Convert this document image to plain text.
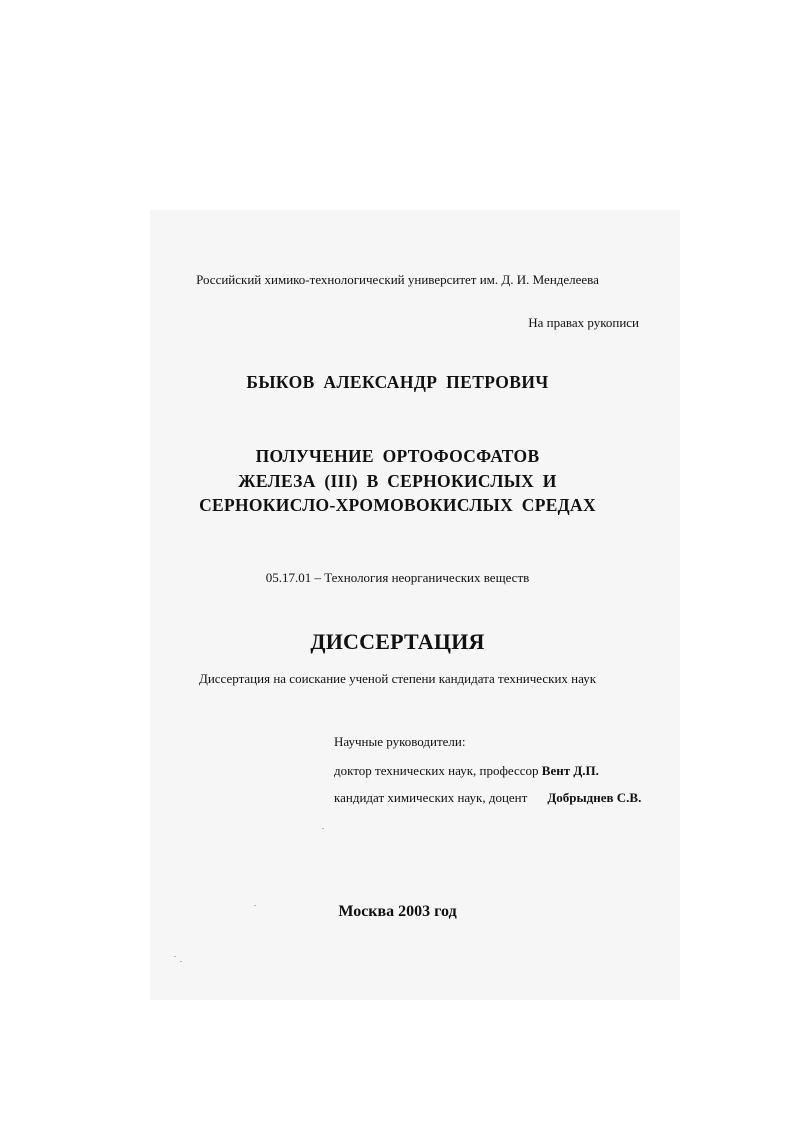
Российский химико-технологический университет им. Д. И. Менделеева
На правах рукописи
БЫКОВ АЛЕКСАНДР ПЕТРОВИЧ
ПОЛУЧЕНИЕ ОРТОФОСФАТОВ
ЖЕЛЕЗА (III) В СЕРНОКИСЛЫХ И
СЕРНОКИСЛО-ХРОМОВОКИСЛЫХ СРЕДАХ
05.17.01 – Технология неорганических веществ
ДИССЕРТАЦИЯ
Диссертация на соискание ученой степени кандидата технических наук
Научные руководители:
доктор технических наук, профессор Вент Д.П.
кандидат химических наук, доцент Добрыднев С.В.
Москва 2003 год
